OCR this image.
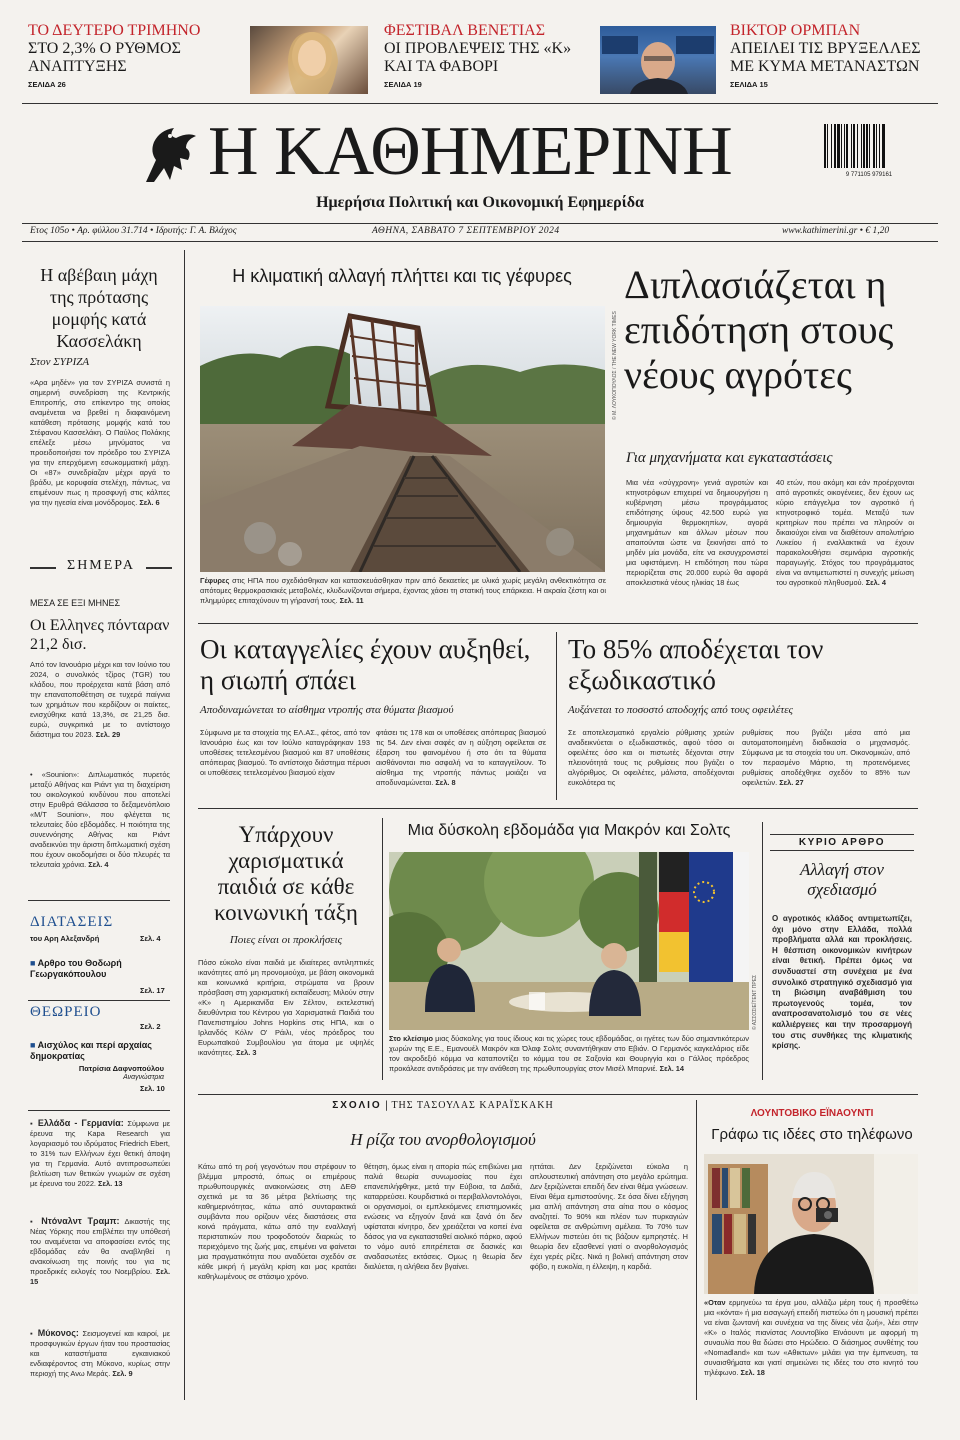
ΤΟ ΔΕΥΤΕΡΟ ΤΡΙΜΗΝΟ
ΣΤΟ 2,3% Ο ΡΥΘΜΟΣ ΑΝΑΠΤΥΞΗΣ
ΣΕΛΙΔΑ 26
ΦΕΣΤΙΒΑΛ ΒΕΝΕΤΙΑΣ
ΟΙ ΠΡΟΒΛΕΨΕΙΣ ΤΗΣ «Κ» ΚΑΙ ΤΑ ΦΑΒΟΡΙ
ΣΕΛΙΔΑ 19
ΒΙΚΤΟΡ ΟΡΜΠΑΝ
ΑΠΕΙΛΕΙ ΤΙΣ ΒΡΥΞΕΛΛΕΣ ΜΕ ΚΥΜΑ ΜΕΤΑΝΑΣΤΩΝ
ΣΕΛΙΔΑ 15
Η ΚΑΘΗΜΕΡΙΝΗ
Ημερήσια Πολιτική και Οικονομική Εφημερίδα
9 771105 979161
Ετος 105ο • Αρ. φύλλου 31.714 • Ιδρυτής: Γ. Α. Βλάχος	ΑΘΗΝΑ, ΣΑΒΒΑΤΟ 7 ΣΕΠΤΕΜΒΡΙΟΥ 2024	www.kathimerini.gr • € 1,20
Η αβέβαιη μάχη της πρότασης μομφής κατά Κασσελάκη
Στον ΣΥΡΙΖΑ
«Αρα μηδέν» για τον ΣΥΡΙΖΑ συνιστά η σημερινή συνεδρίαση της Κεντρικής Επιτροπής, στο επίκεντρο της οποίας αναμένεται να βρεθεί η διαφαινόμενη κατάθεση πρότασης μομφής κατά του Στέφανου Κασσελάκη. Ο Παύλος Πολάκης επέλεξε μέσω μηνύματος να προειδοποιήσει τον πρόεδρο του ΣΥΡΙΖΑ για την επερχόμενη εσωκομματική μάχη. Οι «87» συνεδρίαζαν μέχρι αργά το βράδυ, με κορυφαία στελέχη, πάντως, να επιμένουν πως η προσφυγή στις κάλπες για την ηγεσία είναι μονόδρομος. Σελ. 6
ΣΗΜΕΡΑ
ΜΕΣΑ ΣΕ ΕΞΙ ΜΗΝΕΣ
Οι Ελληνες πόνταραν 21,2 δισ.
Από τον Ιανουάριο μέχρι και τον Ιούνιο του 2024, ο συνολικός τζίρος (TGR) του κλάδου, που προέρχεται κατά βάση από την επανατοποθέτηση σε τυχερά παίγνια των χρημάτων που κερδίζουν οι παίκτες, ενισχύθηκε κατά 13,3%, σε 21,25 δισ. ευρώ, συγκριτικά με το αντίστοιχο διάστημα του 2023. Σελ. 29
• «Sounion»: Διπλωματικός πυρετός μεταξύ Αθήνας και Ριάντ για τη διαχείριση του οικολογικού κινδύνου που αποτελεί στην Ερυθρά Θάλασσα το δεξαμενόπλοιο «M/T Sounion», που φλέγεται τις τελευταίες δύο εβδομάδες. Η ποιότητα της συνεννόησης Αθήνας και Ριάντ αναδεικνύει την άριστη διπλωματική σχέση που έχουν οικοδομήσει οι δύο πλευρές τα τελευταία χρόνια. Σελ. 4
ΔΙΑΤΑΣΕΙΣ
του Αρη Αλεξανδρή	Σελ. 4
■ Αρθρο του Θοδωρή Γεωργακόπουλου
Σελ. 17
ΘΕΩΡΕΙΟ
Σελ. 2
■ Αισχύλος και περί αρχαίας δημοκρατίας
Πατρίσια Δαφνοπούλου
Αναγνώστρια
Σελ. 10
▪ Ελλάδα - Γερμανία: Σύμφωνα με έρευνα της Kapa Research για λογαριασμό του ιδρύματος Friedrich Ebert, το 31% των Ελλήνων έχει θετική άποψη για τη Γερμανία. Αυτό αντιπροσωπεύει βελτίωση των θετικών γνωμών σε σχέση με έρευνα του 2022. Σελ. 13
▪ Ντόναλντ Τραμπ: Δικαστής της Νέας Υόρκης που επιβλέπει την υπόθεσή του αναμένεται να αποφασίσει εντός της εβδομάδας εάν θα αναβληθεί η ανακοίνωση της ποινής του για τις προεδρικές εκλογές του Νοεμβρίου. Σελ. 15
▪ Μύκονος: Σεισμογενεί και καιροί, με προσφυγικών έργων ήταν του προστασίας και καταστήματα εγκαινιακού ενδιαφέροντος στη Μύκονο, κυρίως στην περιοχή της Ανω Μεράς. Σελ. 9
Η κλιματική αλλαγή πλήττει και τις γέφυρες
© Μ. ΛΟΥΚΟΠΟΥΛΟΣ / THE NEW YORK TIMES
Γέφυρες στις ΗΠΑ που σχεδιάσθηκαν και κατασκευάσθηκαν πριν από δεκαετίες με υλικά χωρίς μεγάλη ανθεκτικότητα σε απότομες θερμοκρασιακές μεταβολές, κλυδωνίζονται σήμερα, έχοντας χάσει τη στατική τους επάρκεια. Η ακραία ζέστη και οι πλημμύρες επιταχύνουν τη γήρανσή τους. Σελ. 11
Διπλασιάζεται η επιδότηση στους νέους αγρότες
Για μηχανήματα και εγκαταστάσεις
Μια νέα «σύγχρονη» γενιά αγροτών και κτηνοτρόφων επιχειρεί να δημιουργήσει η κυβέρνηση μέσω προγράμματος επιδότησης ύψους 42.500 ευρώ για δημιουργία θερμοκηπίων, αγορά μηχανημάτων και άλλων μέσων που απαιτούνται ώστε να ξεκινήσει από το μηδέν μία μονάδα, είτε να εκσυγχρονιστεί μια υφιστάμενη. Η επιδότηση που τώρα περιορίζεται στις 20.000 ευρώ θα αφορά αποκλειστικά νέους ηλικίας 18 έως
40 ετών, που ακόμη και εάν προέρχονται από αγροτικές οικογένειες, δεν έχουν ως κύριο επάγγελμα τον αγροτικό ή κτηνοτροφικό τομέα. Μεταξύ των κριτηρίων που πρέπει να πληρούν οι δικαιούχοι είναι να διαθέτουν απολυτήριο Λυκείου ή εναλλακτικά να έχουν παρακολουθήσει σεμινάρια αγροτικής παραγωγής. Στόχος του προγράμματος είναι να αντιμετωπιστεί η συνεχής μείωση του αγροτικού πληθυσμού. Σελ. 4
Οι καταγγελίες έχουν αυξηθεί, η σιωπή σπάει
Αποδυναμώνεται το αίσθημα ντροπής στα θύματα βιασμού
Σύμφωνα με τα στοιχεία της ΕΛ.ΑΣ., φέτος, από τον Ιανουάριο έως και τον Ιούλιο καταγράφηκαν 193 υποθέσεις τετελεσμένου βιασμού και 87 υποθέσεις απόπειρας βιασμού. Το αντίστοιχο διάστημα πέρυσι οι υποθέσεις τετελεσμένου βιασμού είχαν
φτάσει τις 178 και οι υποθέσεις απόπειρας βιασμού τις 54. Δεν είναι σαφές αν η αύξηση οφείλεται σε έξαρση του φαινομένου ή στο ότι τα θύματα αισθάνονται πιο ασφαλή να το καταγγείλουν. Το αίσθημα της ντροπής πάντως μοιάζει να αποδυναμώνεται. Σελ. 8
Το 85% αποδέχεται τον εξωδικαστικό
Αυξάνεται το ποσοστό αποδοχής από τους οφειλέτες
Σε αποτελεσματικό εργαλείο ρύθμισης χρεών αναδεικνύεται ο εξωδικαστικός, αφού τόσο οι οφειλέτες όσο και οι πιστωτές δέχονται στην πλειονότητά τους τις ρυθμίσεις που βγάζει ο αλγόριθμος. Οι οφειλέτες, μάλιστα, αποδέχονται ευκολότερα τις
ρυθμίσεις που βγάζει μέσα από μια αυτοματοποιημένη διαδικασία ο μηχανισμός. Σύμφωνα με τα στοιχεία του υπ. Οικονομικών, από τον περασμένο Μάρτιο, τη προτεινόμενες ρυθμίσεις αποδέχθηκε σχεδόν το 85% των οφειλετών. Σελ. 27
Υπάρχουν χαρισματικά παιδιά σε κάθε κοινωνική τάξη
Ποιες είναι οι προκλήσεις
Πόσο εύκολο είναι παιδιά με ιδιαίτερες αντιληπτικές ικανότητες από μη προνομιούχα, με βάση οικονομικά και κοινωνικά κριτήρια, στρώματα να βρουν πρόσβαση στη χαρισματική εκπαίδευση; Μιλούν στην «Κ» η Αμερικανίδα Ειν Σέλτον, εκτελεστική διευθύντρια του Κέντρου για Χαρισματικά Παιδιά του Πανεπιστημίου Johns Hopkins στις ΗΠΑ, και ο Ιρλανδός Κόλιν Ο' Ράιλι, νέος πρόεδρος του Ευρωπαϊκού Συμβουλίου για άτομα με υψηλές ικανότητες. Σελ. 3
Μια δύσκολη εβδομάδα για Μακρόν και Σολτς
© ΑΣΣΟΣΙΕΪΤΕΝΤ ΠΡΕΣ
Στο κλείσιμο μιας δύσκολης για τους ίδιους και τις χώρες τους εβδομάδας, οι ηγέτες των δύο σημαντικότερων χωρών της Ε.Ε., Εμανουέλ Μακρόν και Όλαφ Σολτς συναντήθηκαν στο Εβιάν. Ο Γερμανός καγκελάριος είδε τον ακροδεξιό κόμμα να καταποντίζει το κόμμα του σε Σαξονία και Θουριγγία και ο Γάλλος πρόεδρος προκάλεσε αντιδράσεις με την ανάθεση της πρωθυπουργίας στον Μισέλ Μπαρνιέ. Σελ. 14
ΚΥΡΙΟ ΑΡΘΡΟ
Αλλαγή στον σχεδιασμό
Ο αγροτικός κλάδος αντιμετωπίζει, όχι μόνο στην Ελλάδα, πολλά προβλήματα αλλά και προκλήσεις. Η θέσπιση οικονομικών κινήτρων είναι θετική. Πρέπει όμως να συνδυαστεί στη συνέχεια με ένα συνολικό στρατηγικό σχεδιασμό για τη βιώσιμη αναβάθμιση του πρωτογενούς τομέα, τον αναπροσανατολισμό του σε νέες καλλιέργειες και την προσαρμογή του στις συνθήκες της κλιματικής κρίσης.
ΣΧΟΛΙΟ | ΤΗΣ ΤΑΣΟΥΛΑΣ ΚΑΡΑΪΣΚΑΚΗ
Η ρίζα του ανορθολογισμού
Κάτω από τη ροή γεγονότων που στρέφουν το βλέμμα μπροστά, όπως οι επιμέρους πρωθυπουργικές ανακοινώσεις στη ΔΕΘ σχετικά με τα 36 μέτρα βελτίωσης της καθημερινότητας, κάτω από συνταρακτικά συμβάντα που ορίζουν νέες διαστάσεις στα κοινά πράγματα, κάτω από την εναλλαγή περιστατικών που τροφοδοτούν διαρκώς το περιεχόμενο της ζωής μας, επιμένει να φαίνεται μια πραγματικότητα που αναδύεται σχεδόν σε κάθε μικρή ή μεγάλη κρίση και μας κρατάει καθηλωμένους σε στάσιμο χρόνο.
θέτηση, όμως είναι η απορία πώς επιβιώνει μια παλιά θεωρία συνωμοσίας που έχει επανεπιλήφθηκε, μετά την Εύβοια, τα Δαδιά, καταρρεύσει. Κουρδιστικά οι περιβαλλοντολόγοι, οι οργανισμοί, οι εμπλεκόμενες επιστημονικές ενώσεις να εξηγούν ξανά και ξανά ότι δεν υφίσταται κίνητρο, δεν χρειάζεται να κοπεί ένα δάσος για να εγκατασταθεί αιολικό πάρκο, αφού το νόμο αυτό επιτρέπεται σε δασικές και αναδασωτέες εκτάσεις. Ομως η θεωρία δεν διαλύεται, η αλήθεια δεν βγαίνει.
ηττάται. Δεν ξεριζώνεται εύκολα η απλουστευτική απάντηση στο μεγάλο ερώτημα. Δεν ξεριζώνεται επειδή δεν είναι θέμα γνώσεων. Είναι θέμα εμπιστοσύνης. Σε όσα δίνει εξήγηση μια απλή απάντηση στα αίτια που ο κόσμος αναζητεί. Το 90% και πλέον των πυρκαγιών οφείλεται σε ανθρώπινη αμέλεια. Το 70% των Ελλήνων πιστεύει ότι τις βάζουν εμπρηστές. Η θεωρία δεν εξασθενεί γιατί ο ανορθολογισμός έχει γερές ρίζες. Νικά η βολική απάντηση στον φόβο, η ευκολία, η έλλειψη, η καρδιά.
ΛΟΥΝΤΟΒΙΚΟ ΕΪΝΑΟΥΝΤΙ
Γράφω τις ιδέες στο τηλέφωνο
«Οταν ερμηνεύω τα έργα μου, αλλάζω μέρη τους ή προσθέτω μια «κόντα» ή μια εισαγωγή επειδή πιστεύω ότι η μουσική πρέπει να είναι ζωντανή και συνέχεια να της δίνεις νέα ζωή», λέει στην «Κ» ο Ιταλός πιανίστας Λουντοβίκο Εϊνάουντι με αφορμή τη συναυλία που θα δώσει στο Ηρώδειο. Ο διάσημος συνθέτης του «Nomadland» και των «Αθικτων» μιλάει για την έμπνευση, τα συναισθήματα και γιατί σημειώνει τις ιδέες του στο κινητό του τηλέφωνο. Σελ. 18
